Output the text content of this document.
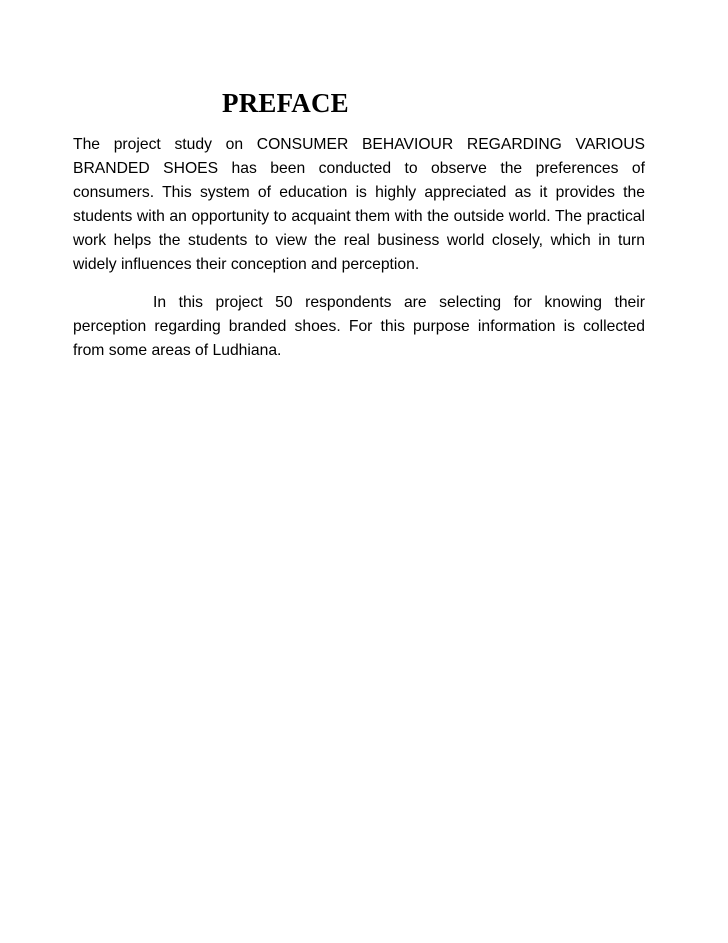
PREFACE

The project study on CONSUMER BEHAVIOUR REGARDING VARIOUS BRANDED SHOES has been conducted to observe the preferences of consumers. This system of education is highly appreciated as it provides the students with an opportunity to acquaint them with the outside world. The practical work helps the students to view the real business world closely, which in turn widely influences their conception and perception.

In this project 50 respondents are selecting for knowing their perception regarding branded shoes. For this purpose information is collected from some areas of Ludhiana.
